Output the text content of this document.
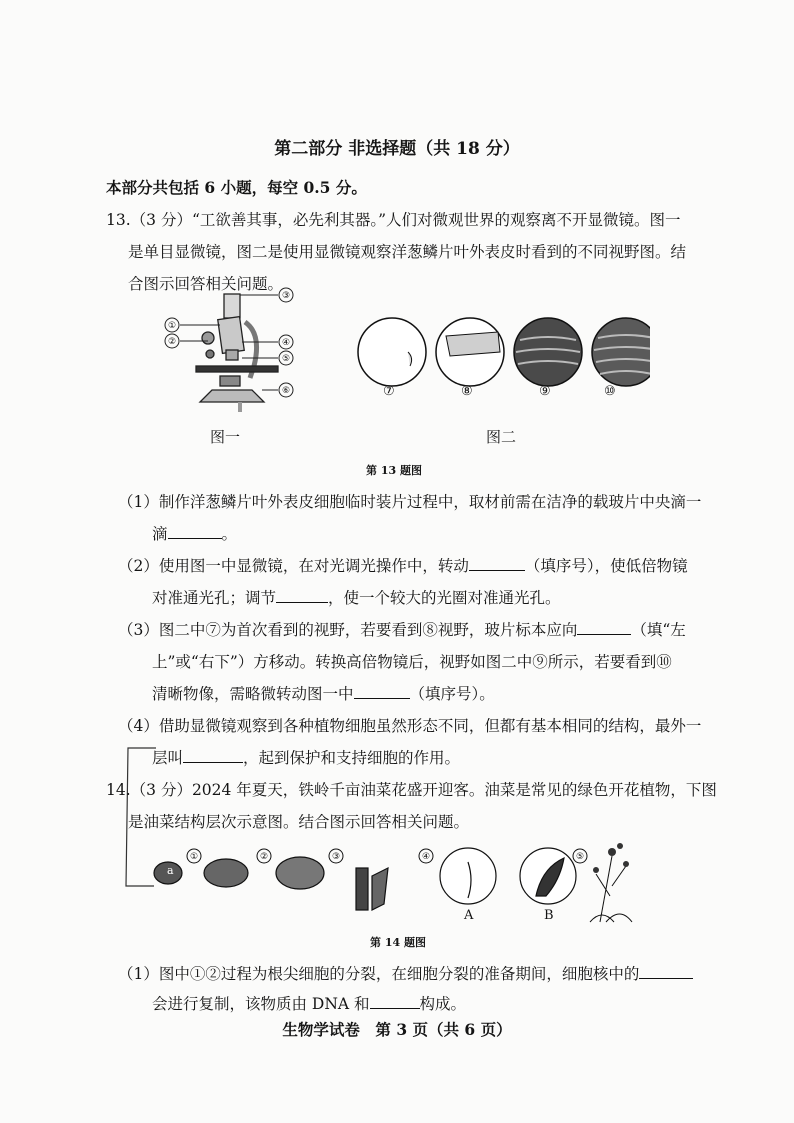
第二部分 非选择题（共 18 分）
本部分共包括 6 小题，每空 0.5 分。
13.（3 分）“工欲善其事，必先利其器。”人们对微观世界的观察离不开显微镜。图一
是单目显微镜，图二是使用显微镜观察洋葱鳞片叶外表皮时看到的不同视野图。结
合图示回答相关问题。
①
②
③
④
⑤
⑥	⑦	⑧	⑨	⑩
图一	图二
第 13 题图
（1）制作洋葱鳞片叶外表皮细胞临时装片过程中，取材前需在洁净的载玻片中央滴一
滴	。
（2）使用图一中显微镜，在对光调光操作中，转动	（填序号），使低倍物镜
对准通光孔；调节	，使一个较大的光圈对准通光孔。
（3）图二中⑦为首次看到的视野，若要看到⑧视野，玻片标本应向	（填“左
上”或“右下”）方移动。转换高倍物镜后，视野如图二中⑨所示，若要看到⑩
清晰物像，需略微转动图一中	（填序号）。
（4）借助显微镜观察到各种植物细胞虽然形态不同，但都有基本相同的结构，最外一
层叫	，起到保护和支持细胞的作用。
14.（3 分）2024 年夏天，铁岭千亩油菜花盛开迎客。油菜是常见的绿色开花植物，下图
是油菜结构层次示意图。结合图示回答相关问题。
①	②	③	④	⑤
a
A	B
第 14 题图
（1）图中①②过程为根尖细胞的分裂，在细胞分裂的准备期间，细胞核中的
会进行复制，该物质由 DNA 和	构成。
生物学试卷　第 3 页（共 6 页）
